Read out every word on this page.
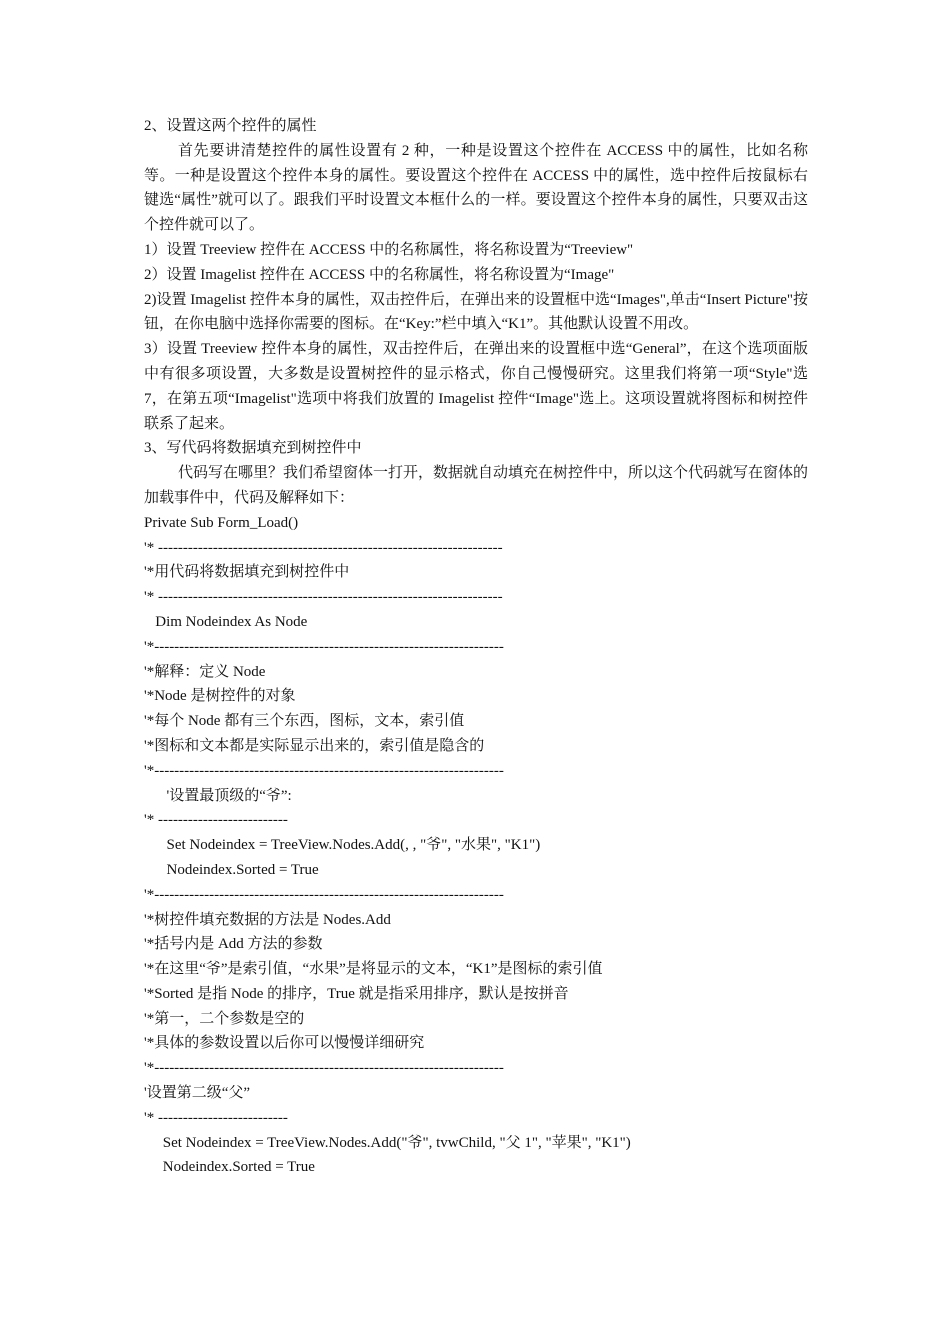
2、设置这两个控件的属性

首先要讲清楚控件的属性设置有 2 种，一种是设置这个控件在 ACCESS 中的属性，比如名称等。一种是设置这个控件本身的属性。要设置这个控件在 ACCESS 中的属性，选中控件后按鼠标右键选“属性”就可以了。跟我们平时设置文本框什么的一样。要设置这个控件本身的属性，只要双击这个控件就可以了。

1）设置 Treeview 控件在 ACCESS 中的名称属性，将名称设置为“Treeview"

2）设置 Imagelist 控件在 ACCESS 中的名称属性，将名称设置为“Image"

2)设置 Imagelist 控件本身的属性，双击控件后，在弹出来的设置框中选“Images",单击“Insert Picture"按钮，在你电脑中选择你需要的图标。在“Key:”栏中填入“K1”。其他默认设置不用改。

3）设置 Treeview 控件本身的属性，双击控件后，在弹出来的设置框中选“General”，在这个选项面版中有很多项设置，大多数是设置树控件的显示格式，你自己慢慢研究。这里我们将第一项“Style"选 7，在第五项“Imagelist"选项中将我们放置的 Imagelist 控件“Image"选上。这项设置就将图标和树控件联系了起来。

3、写代码将数据填充到树控件中

代码写在哪里？我们希望窗体一打开，数据就自动填充在树控件中，所以这个代码就写在窗体的加载事件中，代码及解释如下：

Private Sub Form_Load()

'* ---------------------------------------------------------------------

'*用代码将数据填充到树控件中

'* ---------------------------------------------------------------------

Dim Nodeindex As Node

'*----------------------------------------------------------------------

'*解释：定义 Node

'*Node 是树控件的对象

'*每个 Node 都有三个东西，图标，文本，索引值

'*图标和文本都是实际显示出来的，索引值是隐含的

'*----------------------------------------------------------------------

'设置最顶级的“爷”:

'* --------------------------

Set Nodeindex = TreeView.Nodes.Add(, , "爷", "水果", "K1")

Nodeindex.Sorted = True

'*----------------------------------------------------------------------

'*树控件填充数据的方法是 Nodes.Add

'*括号内是 Add 方法的参数

'*在这里“爷”是索引值，“水果”是将显示的文本，“K1”是图标的索引值

'*Sorted 是指 Node 的排序，True 就是指采用排序，默认是按拼音

'*第一，二个参数是空的

'*具体的参数设置以后你可以慢慢详细研究

'*----------------------------------------------------------------------

'设置第二级“父”

'* --------------------------

Set Nodeindex = TreeView.Nodes.Add("爷", tvwChild, "父 1", "苹果", "K1")

Nodeindex.Sorted = True
